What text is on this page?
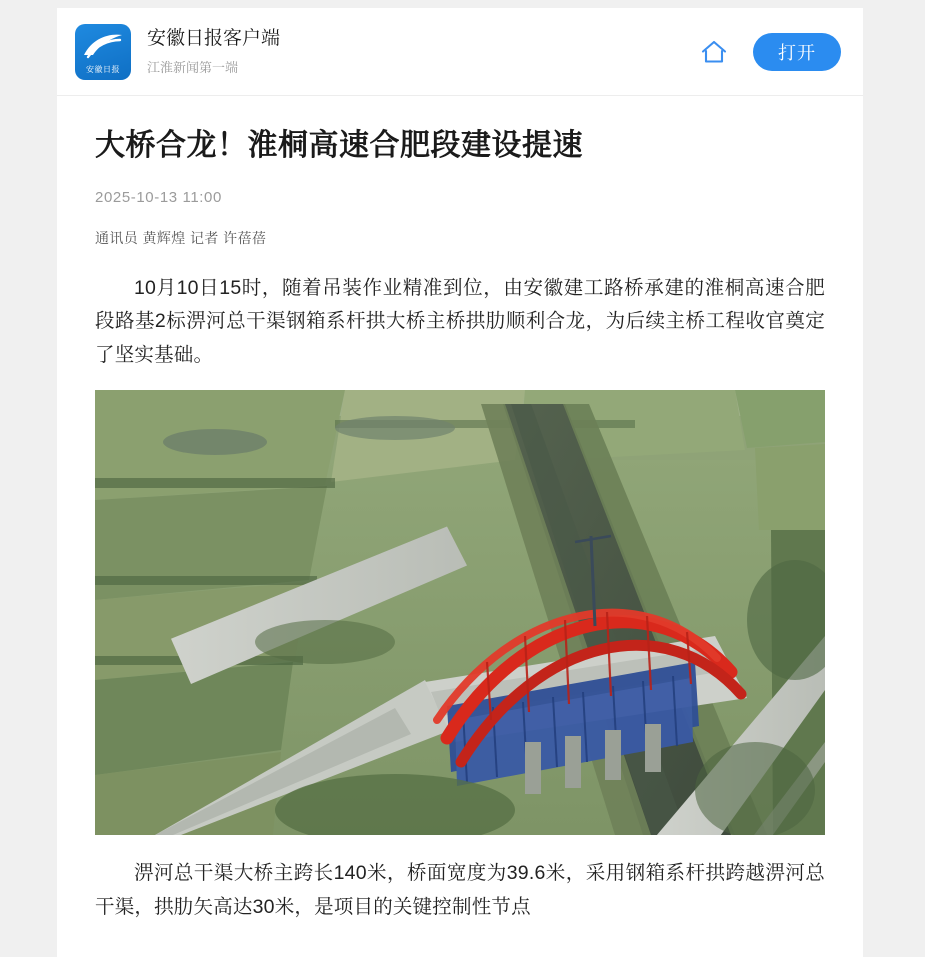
安徽日报
安徽日报客户端
江淮新闻第一端
打开
大桥合龙！淮桐高速合肥段建设提速
2025-10-13 11:00
通讯员 黄辉煌 记者 许蓓蓓

10月10日15时，随着吊装作业精准到位，由安徽建工路桥承建的淮桐高速合肥段路基2标淠河总干渠钢箱系杆拱大桥主桥拱肋顺利合龙，为后续主桥工程收官奠定了坚实基础。

淠河总干渠大桥主跨长140米，桥面宽度为39.6米，采用钢箱系杆拱跨越淠河总干渠，拱肋矢高达30米，是项目的关键控制性节点
